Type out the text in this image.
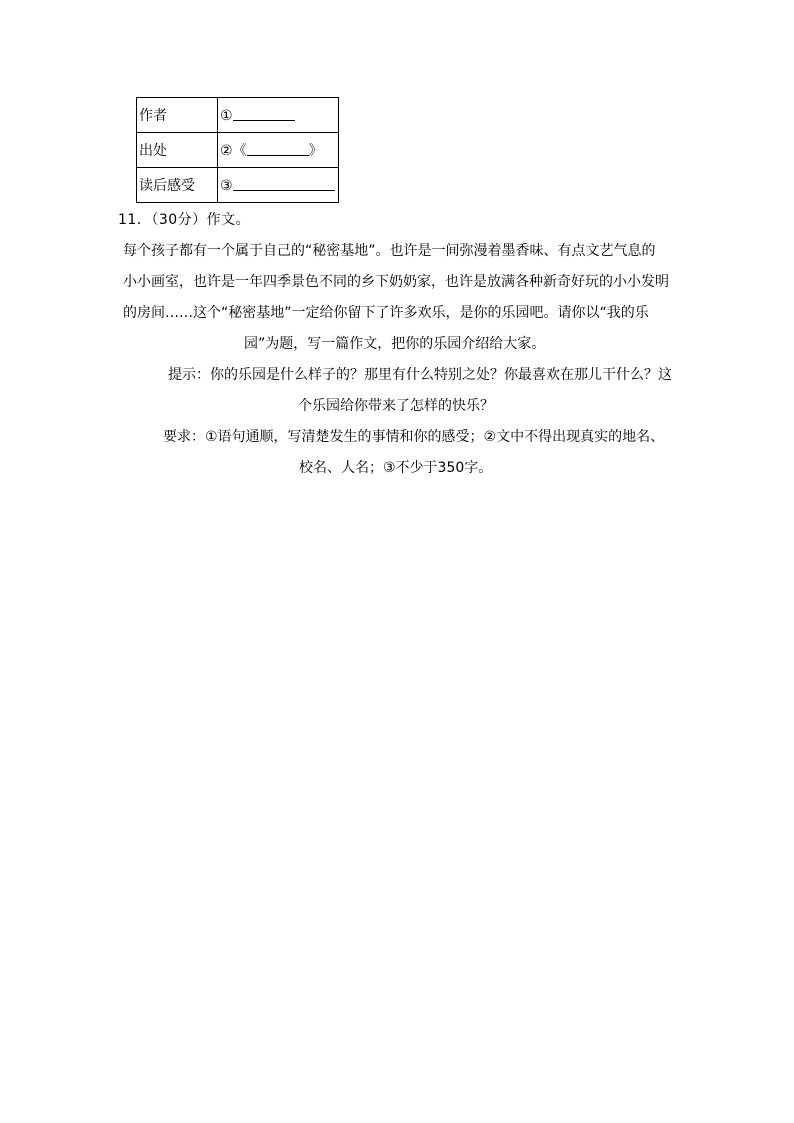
作者	①
出处	②《 》
读后感受	③
11．（30分）作文。
每个孩子都有一个属于自己的“秘密基地”。也许是一间弥漫着墨香味、有点文艺气息的
小小画室，也许是一年四季景色不同的乡下奶奶家，也许是放满各种新奇好玩的小小发明
的房间……这个“秘密基地”一定给你留下了许多欢乐，是你的乐园吧。请你以“我的乐
园”为题，写一篇作文，把你的乐园介绍给大家。
提示：你的乐园是什么样子的？那里有什么特别之处？你最喜欢在那儿干什么？这
个乐园给你带来了怎样的快乐？
要求：①语句通顺，写清楚发生的事情和你的感受；②文中不得出现真实的地名、
校名、人名；③不少于350字。
